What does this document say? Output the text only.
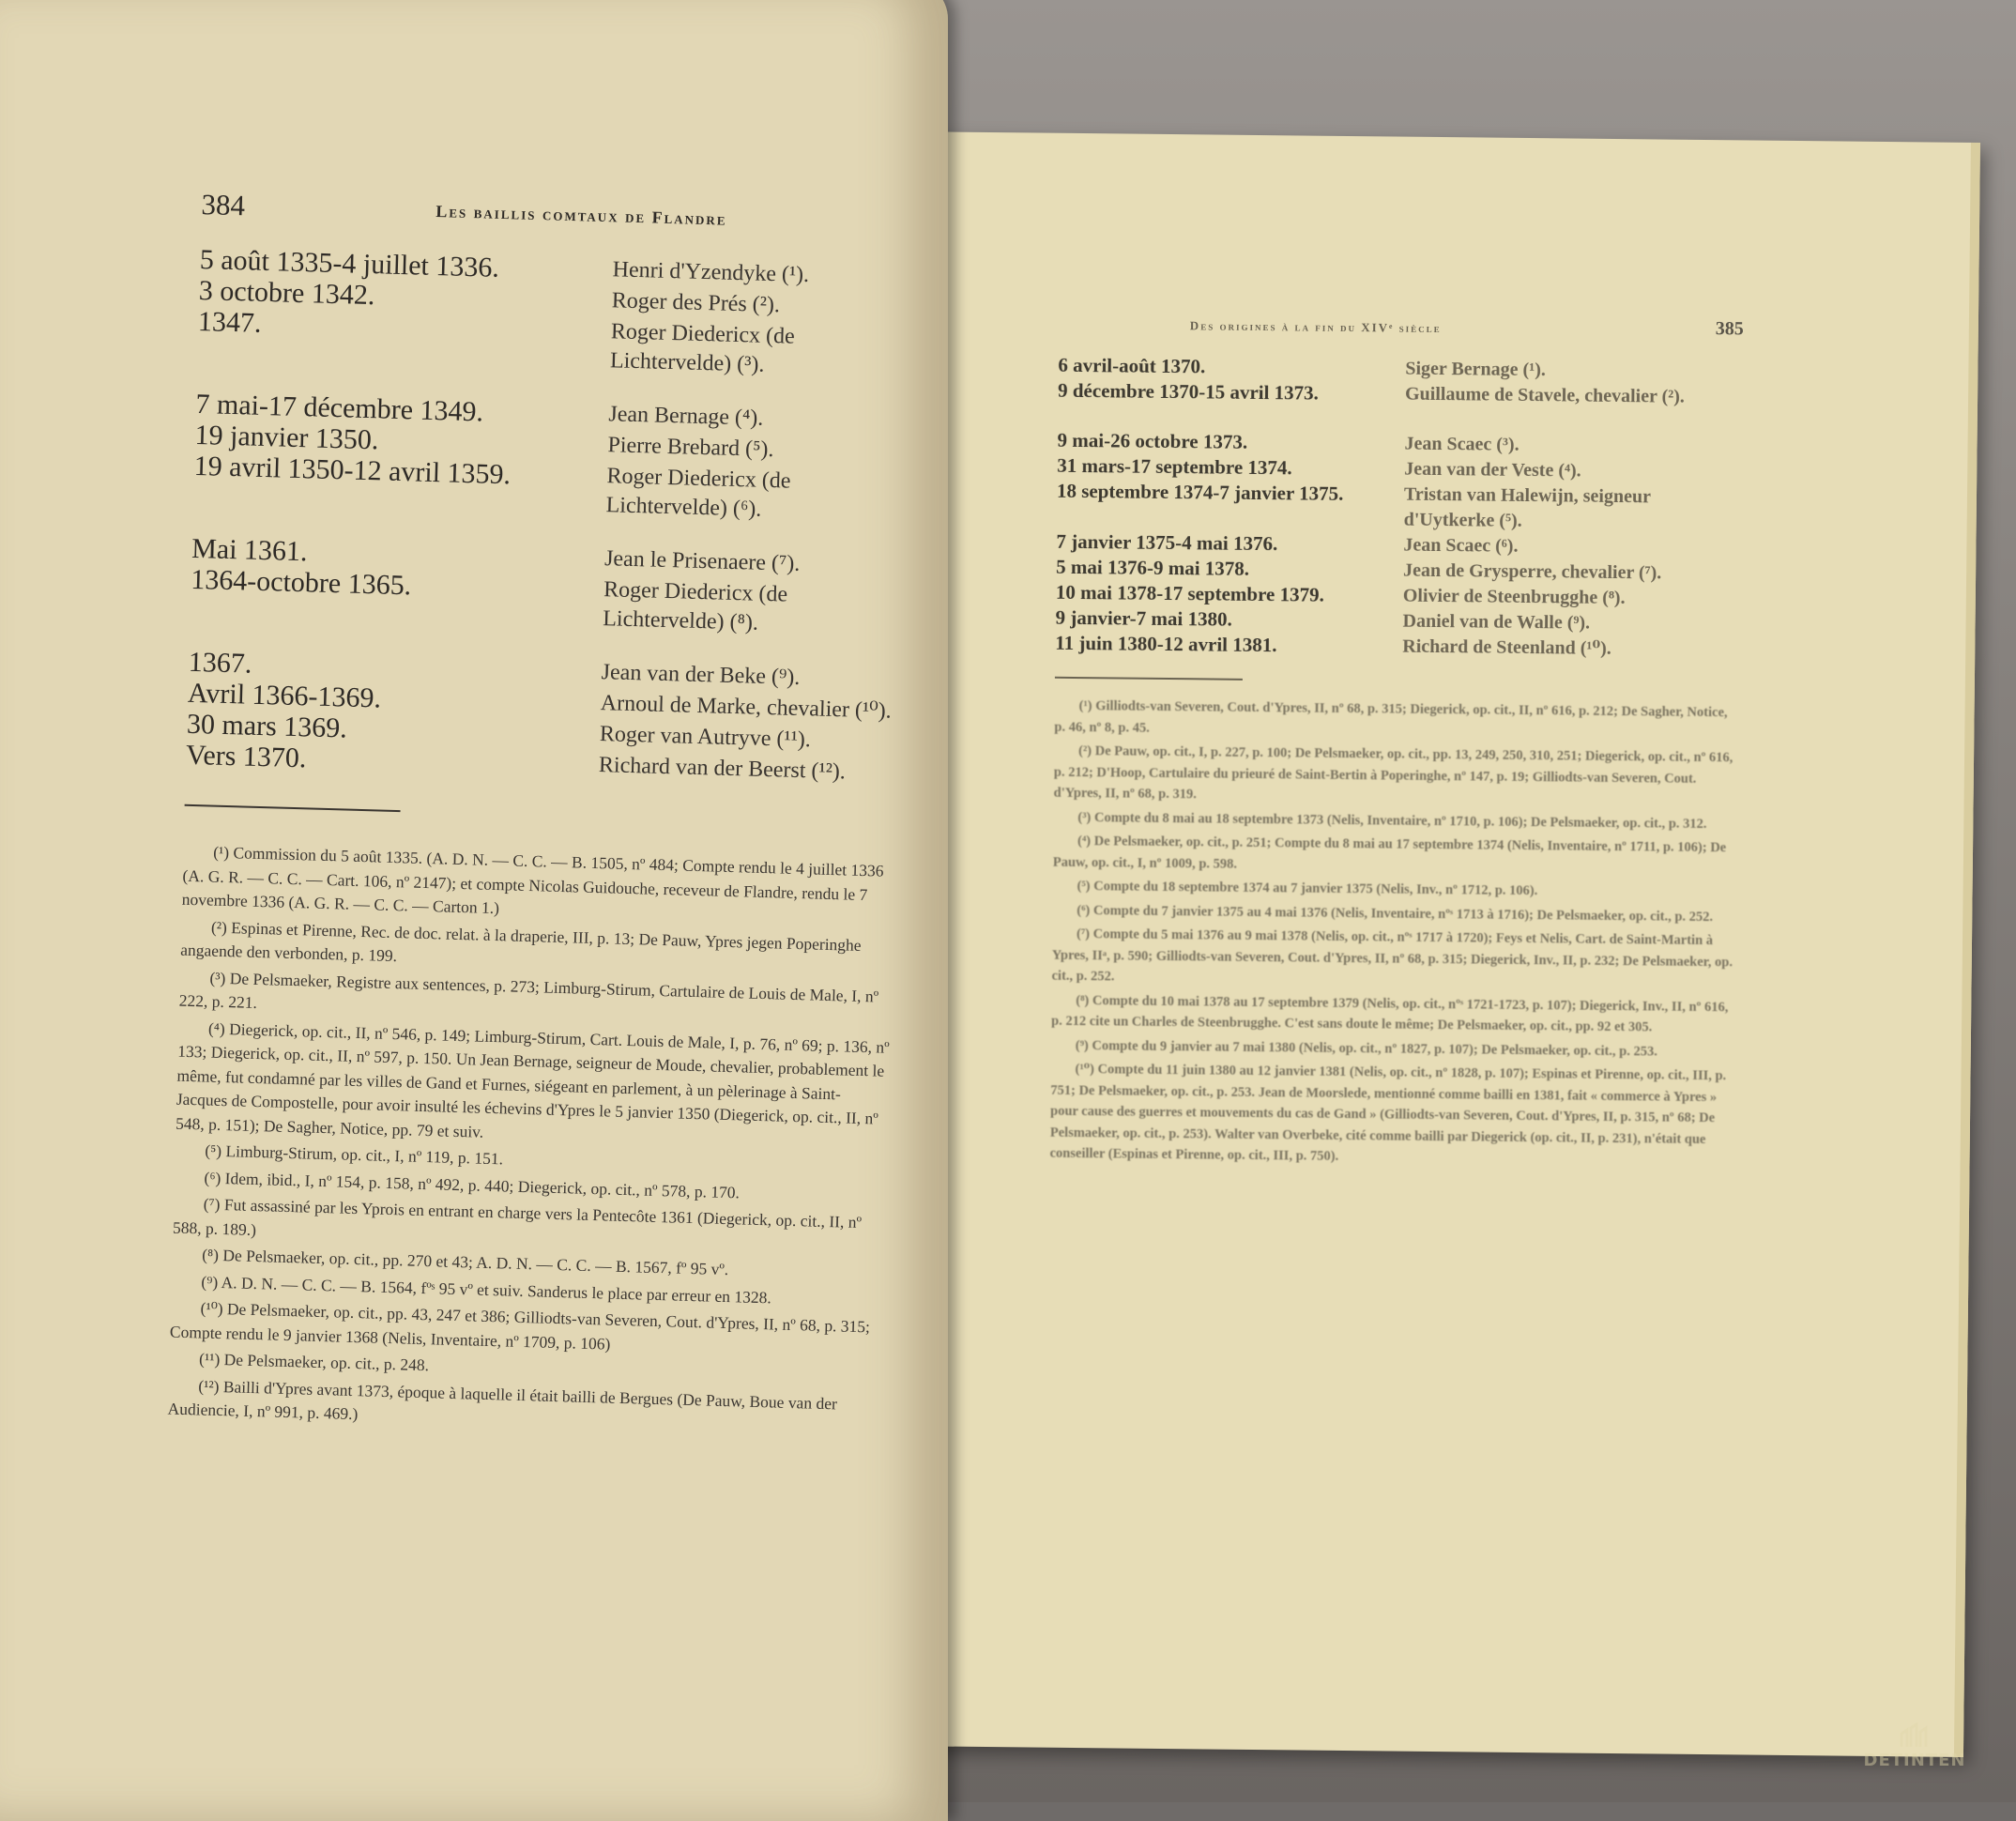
Des origines à la fin du XIVᵉ siècle	385
6 avril-août 1370.	Siger Bernage (¹).
9 décembre 1370-15 avril 1373.	Guillaume de Stavele, chevalier (²).
9 mai-26 octobre 1373.	Jean Scaec (³).
31 mars-17 septembre 1374.	Jean van der Veste (⁴).
18 septembre 1374-7 janvier 1375.	Tristan van Halewijn, seigneur d'Uytkerke (⁵).
7 janvier 1375-4 mai 1376.	Jean Scaec (⁶).
5 mai 1376-9 mai 1378.	Jean de Grysperre, chevalier (⁷).
10 mai 1378-17 septembre 1379.	Olivier de Steenbrugghe (⁸).
9 janvier-7 mai 1380.	Daniel van de Walle (⁹).
11 juin 1380-12 avril 1381.	Richard de Steenland (¹⁰).

(¹) Gilliodts-van Severen, Cout. d'Ypres, II, nº 68, p. 315; Diegerick, op. cit., II, nº 616, p. 212; De Sagher, Notice, p. 46, nº 8, p. 45.

(²) De Pauw, op. cit., I, p. 227, p. 100; De Pelsmaeker, op. cit., pp. 13, 249, 250, 310, 251; Diegerick, op. cit., nº 616, p. 212; D'Hoop, Cartulaire du prieuré de Saint-Bertin à Poperinghe, nº 147, p. 19; Gilliodts-van Severen, Cout. d'Ypres, II, nº 68, p. 319.

(³) Compte du 8 mai au 18 septembre 1373 (Nelis, Inventaire, nº 1710, p. 106); De Pelsmaeker, op. cit., p. 312.

(⁴) De Pelsmaeker, op. cit., p. 251; Compte du 8 mai au 17 septembre 1374 (Nelis, Inventaire, nº 1711, p. 106); De Pauw, op. cit., I, nº 1009, p. 598.

(⁵) Compte du 18 septembre 1374 au 7 janvier 1375 (Nelis, Inv., nº 1712, p. 106).

(⁶) Compte du 7 janvier 1375 au 4 mai 1376 (Nelis, Inventaire, nºˢ 1713 à 1716); De Pelsmaeker, op. cit., p. 252.

(⁷) Compte du 5 mai 1376 au 9 mai 1378 (Nelis, op. cit., nºˢ 1717 à 1720); Feys et Nelis, Cart. de Saint-Martin à Ypres, IIᵃ, p. 590; Gilliodts-van Severen, Cout. d'Ypres, II, nº 68, p. 315; Diegerick, Inv., II, p. 232; De Pelsmaeker, op. cit., p. 252.

(⁸) Compte du 10 mai 1378 au 17 septembre 1379 (Nelis, op. cit., nºˢ 1721-1723, p. 107); Diegerick, Inv., II, nº 616, p. 212 cite un Charles de Steenbrugghe. C'est sans doute le même; De Pelsmaeker, op. cit., pp. 92 et 305.

(⁹) Compte du 9 janvier au 7 mai 1380 (Nelis, op. cit., nº 1827, p. 107); De Pelsmaeker, op. cit., p. 253.

(¹⁰) Compte du 11 juin 1380 au 12 janvier 1381 (Nelis, op. cit., nº 1828, p. 107); Espinas et Pirenne, op. cit., III, p. 751; De Pelsmaeker, op. cit., p. 253. Jean de Moorslede, mentionné comme bailli en 1381, fait « commerce à Ypres » pour cause des guerres et mouvements du cas de Gand » (Gilliodts-van Severen, Cout. d'Ypres, II, p. 315, nº 68; De Pelsmaeker, op. cit., p. 253). Walter van Overbeke, cité comme bailli par Diegerick (op. cit., II, p. 231), n'était que conseiller (Espinas et Pirenne, op. cit., III, p. 750).

384	Les baillis comtaux de Flandre
5 août 1335-4 juillet 1336.	Henri d'Yzendyke (¹).
3 octobre 1342.	Roger des Prés (²).
1347.	Roger Diedericx (de Lichtervelde) (³).
7 mai-17 décembre 1349.	Jean Bernage (⁴).
19 janvier 1350.	Pierre Brebard (⁵).
19 avril 1350-12 avril 1359.	Roger Diedericx (de Lichtervelde) (⁶).
Mai 1361.	Jean le Prisenaere (⁷).
1364-octobre 1365.	Roger Diedericx (de Lichtervelde) (⁸).
1367.	Jean van der Beke (⁹).
Avril 1366-1369.	Arnoul de Marke, chevalier (¹⁰).
30 mars 1369.	Roger van Autryve (¹¹).
Vers 1370.	Richard van der Beerst (¹²).

(¹) Commission du 5 août 1335. (A. D. N. — C. C. — B. 1505, nº 484; Compte rendu le 4 juillet 1336 (A. G. R. — C. C. — Cart. 106, nº 2147); et compte Nicolas Guidouche, receveur de Flandre, rendu le 7 novembre 1336 (A. G. R. — C. C. — Carton 1.)

(²) Espinas et Pirenne, Rec. de doc. relat. à la draperie, III, p. 13; De Pauw, Ypres jegen Poperinghe angaende den verbonden, p. 199.

(³) De Pelsmaeker, Registre aux sentences, p. 273; Limburg-Stirum, Cartulaire de Louis de Male, I, nº 222, p. 221.

(⁴) Diegerick, op. cit., II, nº 546, p. 149; Limburg-Stirum, Cart. Louis de Male, I, p. 76, nº 69; p. 136, nº 133; Diegerick, op. cit., II, nº 597, p. 150. Un Jean Bernage, seigneur de Moude, chevalier, probablement le même, fut condamné par les villes de Gand et Furnes, siégeant en parlement, à un pèlerinage à Saint-Jacques de Compostelle, pour avoir insulté les échevins d'Ypres le 5 janvier 1350 (Diegerick, op. cit., II, nº 548, p. 151); De Sagher, Notice, pp. 79 et suiv.

(⁵) Limburg-Stirum, op. cit., I, nº 119, p. 151.

(⁶) Idem, ibid., I, nº 154, p. 158, nº 492, p. 440; Diegerick, op. cit., nº 578, p. 170.

(⁷) Fut assassiné par les Yprois en entrant en charge vers la Pentecôte 1361 (Diegerick, op. cit., II, nº 588, p. 189.)

(⁸) De Pelsmaeker, op. cit., pp. 270 et 43; A. D. N. — C. C. — B. 1567, fº 95 vº.

(⁹) A. D. N. — C. C. — B. 1564, fºˢ 95 vº et suiv. Sanderus le place par erreur en 1328.

(¹⁰) De Pelsmaeker, op. cit., pp. 43, 247 et 386; Gilliodts-van Severen, Cout. d'Ypres, II, nº 68, p. 315; Compte rendu le 9 janvier 1368 (Nelis, Inventaire, nº 1709, p. 106)

(¹¹) De Pelsmaeker, op. cit., p. 248.

(¹²) Bailli d'Ypres avant 1373, époque à laquelle il était bailli de Bergues (De Pauw, Boue van der Audiencie, I, nº 991, p. 469.)

DETINTEN
